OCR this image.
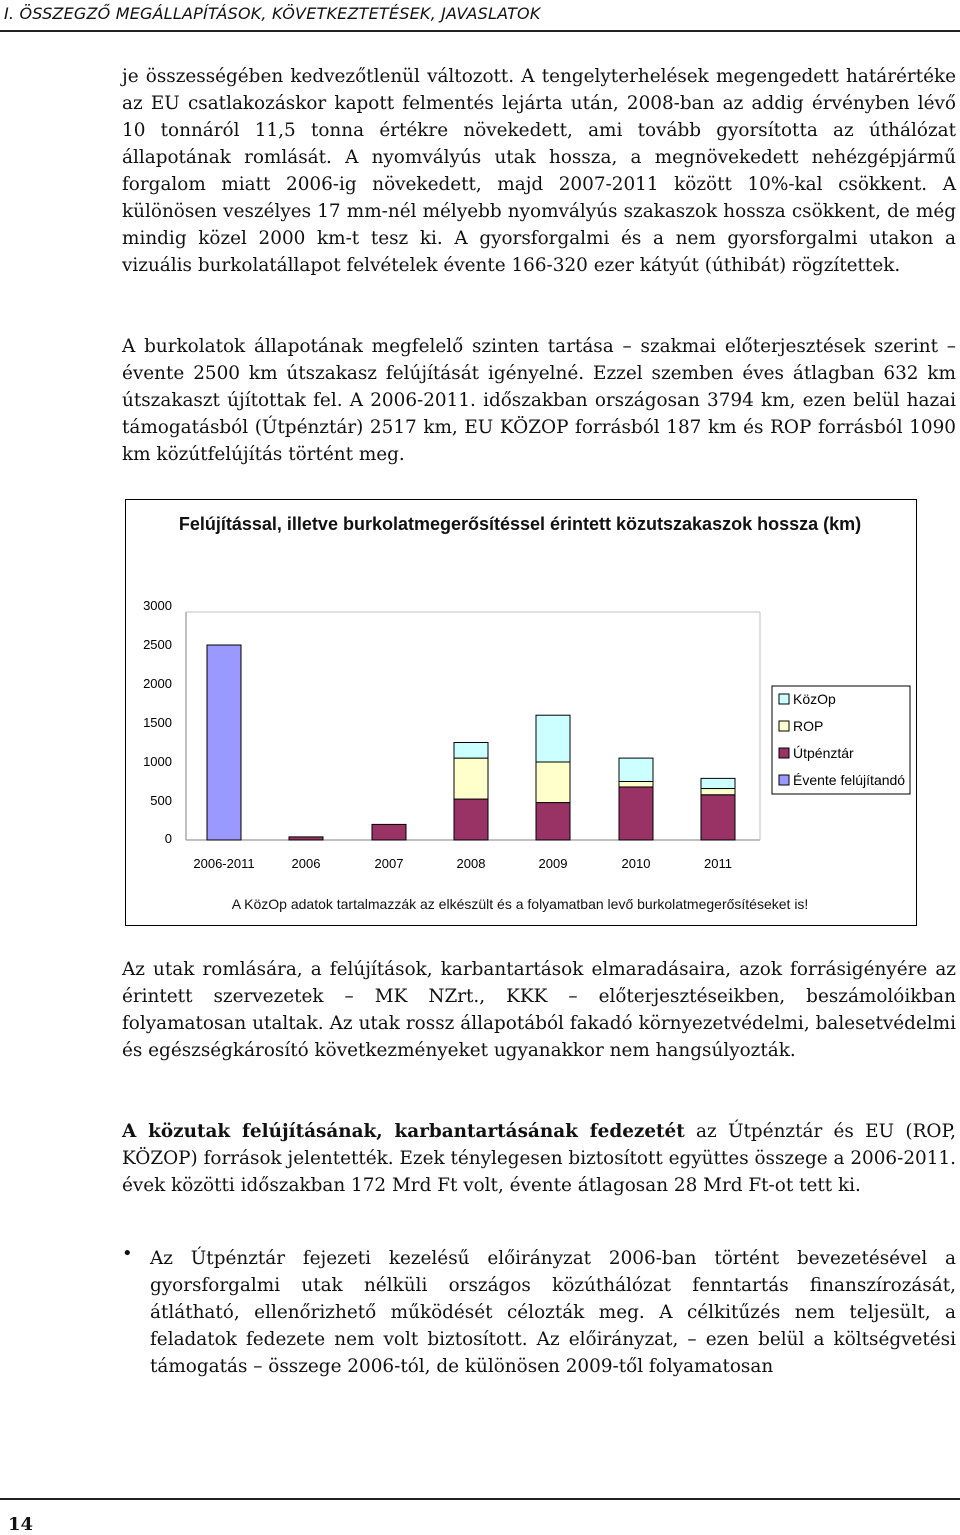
I. ÖSSZEGZŐ MEGÁLLAPÍTÁSOK, KÖVETKEZTETÉSEK, JAVASLATOK

je összességében kedvezőtlenül változott. A tengelyterhelések megengedett határértéke az EU csatlakozáskor kapott felmentés lejárta után, 2008-ban az addig érvényben lévő 10 tonnáról 11,5 tonna értékre növekedett, ami tovább gyorsította az úthálózat állapotának romlását. A nyomvályús utak hossza, a megnövekedett nehézgépjármű forgalom miatt 2006-ig növekedett, majd 2007-2011 között 10%-kal csökkent. A különösen veszélyes 17 mm-nél mélyebb nyomvályús szakaszok hossza csökkent, de még mindig közel 2000 km-t tesz ki. A gyorsforgalmi és a nem gyorsforgalmi utakon a vizuális burkolatállapot felvételek évente 166-320 ezer kátyút (úthibát) rögzítettek.

A burkolatok állapotának megfelelő szinten tartása – szakmai előterjesztések szerint – évente 2500 km útszakasz felújítását igényelné. Ezzel szemben éves átlagban 632 km útszakaszt újítottak fel. A 2006-2011. időszakban országosan 3794 km, ezen belül hazai támogatásból (Útpénztár) 2517 km, EU KÖZOP forrásból 187 km és ROP forrásból 1090 km közútfelújítás történt meg.

Felújítással, illetve burkolatmegerősítéssel érintett közutszakaszok hossza (km)
0
500
1000
1500
2000
2500
3000
2006-2011	2006	2007	2008	2009	2010	2011
KözOp
ROP
Útpénztár
Évente felújítandó
A KözOp adatok tartalmazzák az elkészült és a folyamatban levő burkolatmegerősítéseket is!

Az utak romlására, a felújítások, karbantartások elmaradásaira, azok forrásigényére az érintett szervezetek – MK NZrt., KKK – előterjesztéseikben, beszámolóikban folyamatosan utaltak. Az utak rossz állapotából fakadó környezetvédelmi, balesetvédelmi és egészségkárosító következményeket ugyanakkor nem hangsúlyozták.

A közutak felújításának, karbantartásának fedezetét az Útpénztár és EU (ROP, KÖZOP) források jelentették. Ezek ténylegesen biztosított együttes összege a 2006-2011. évek közötti időszakban 172 Mrd Ft volt, évente átlagosan 28 Mrd Ft-ot tett ki.

• Az Útpénztár fejezeti kezelésű előirányzat 2006-ban történt bevezetésével a gyorsforgalmi utak nélküli országos közúthálózat fenntartás finanszírozását, átlátható, ellenőrizhető működését célozták meg. A célkitűzés nem teljesült, a feladatok fedezete nem volt biztosított. Az előirányzat, – ezen belül a költségvetési támogatás – összege 2006-tól, de különösen 2009-től folyamatosan

14
